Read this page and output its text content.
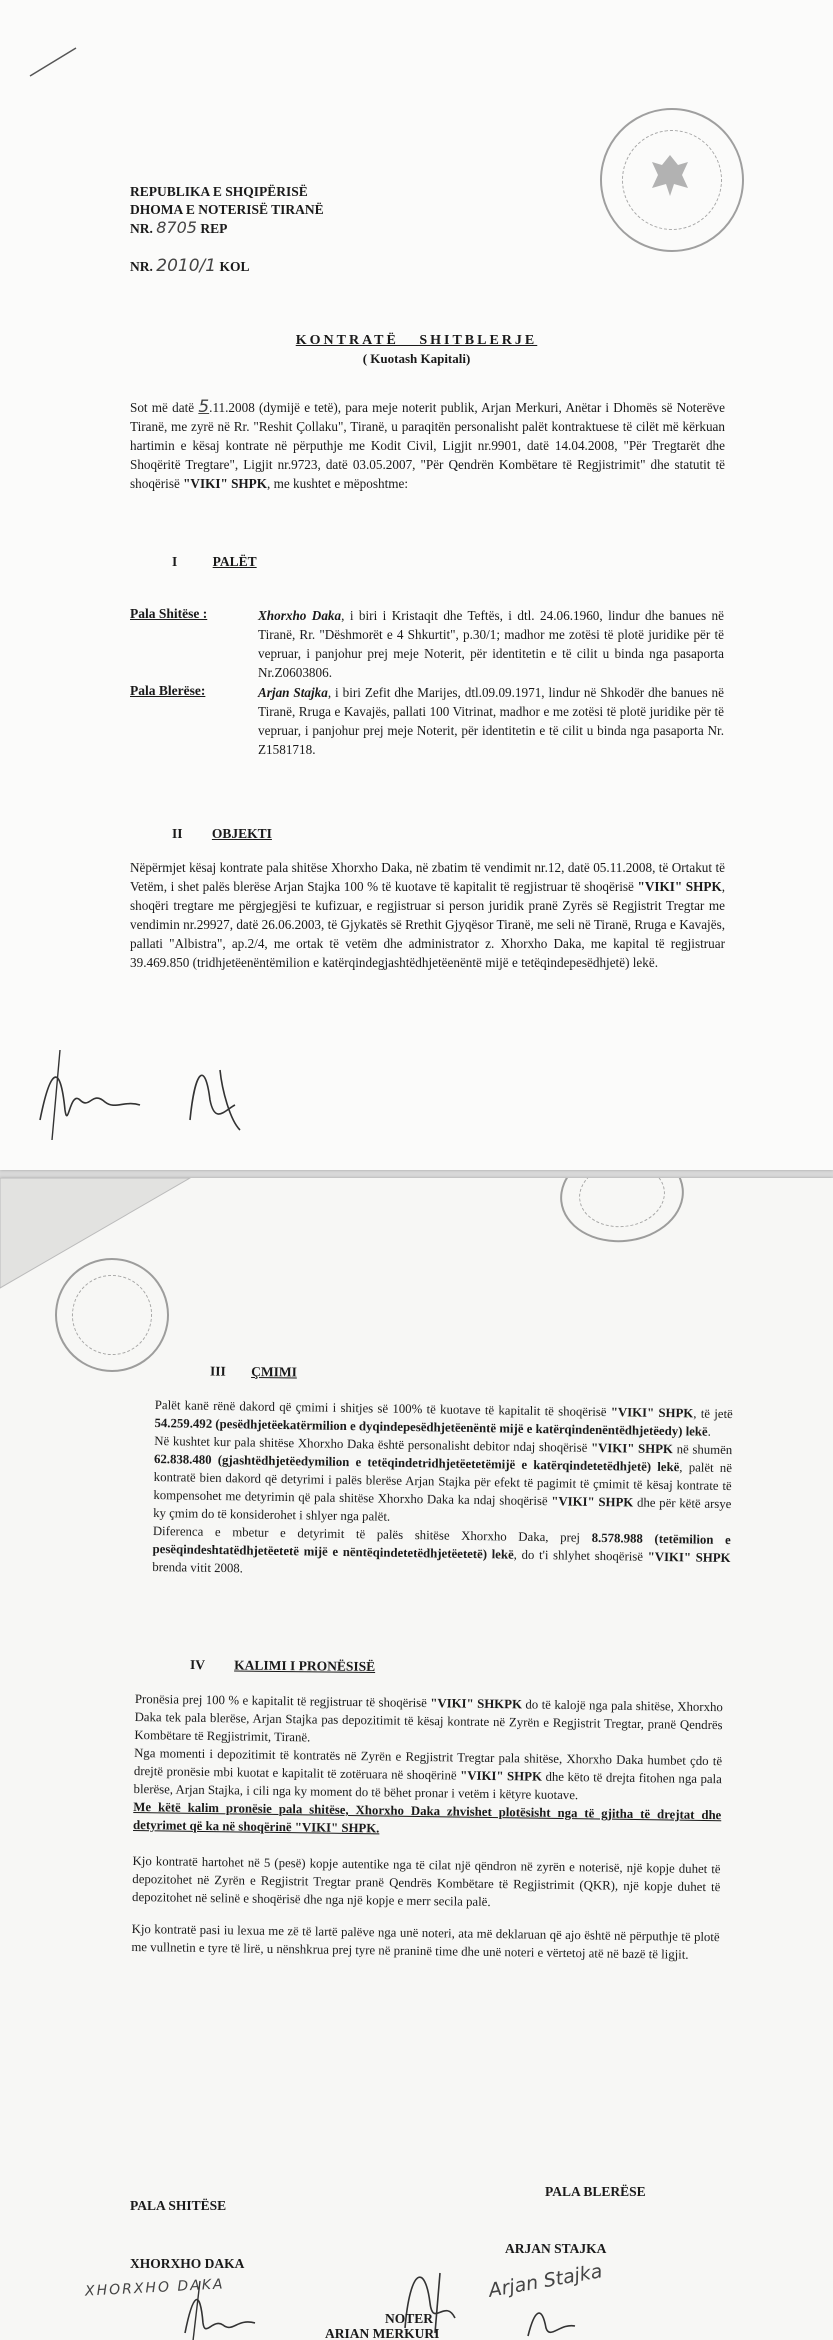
REPUBLIKA E SHQIPËRISË
DHOMA E NOTERISË TIRANË
NR. 8705 REP
NR. 2010/1 KOL
KONTRATË SHITBLERJE
( Kuotash Kapitali)
Sot më datë 5.11.2008 (dymijë e tetë), para meje noterit publik, Arjan Merkuri, Anëtar i Dhomës së Noterëve Tiranë, me zyrë në Rr. "Reshit Çollaku", Tiranë, u paraqitën personalisht palët kontraktuese të cilët më kërkuan hartimin e kësaj kontrate në përputhje me Kodit Civil, Ligjit nr.9901, datë 14.04.2008, "Për Tregtarët dhe Shoqëritë Tregtare", Ligjit nr.9723, datë 03.05.2007, "Për Qendrën Kombëtare të Regjistrimit" dhe statutit të shoqërisë "VIKI" SHPK, me kushtet e mëposhtme:
I	PALËT
Pala Shitëse :	Xhorxho Daka, i biri i Kristaqit dhe Teftës, i dtl. 24.06.1960, lindur dhe banues në Tiranë, Rr. "Dëshmorët e 4 Shkurtit", p.30/1; madhor me zotësi të plotë juridike për të vepruar, i panjohur prej meje Noterit, për identitetin e të cilit u binda nga pasaporta Nr.Z0603806.
Pala Blerëse:	Arjan Stajka, i biri Zefit dhe Marijes, dtl.09.09.1971, lindur në Shkodër dhe banues në Tiranë, Rruga e Kavajës, pallati 100 Vitrinat, madhor e me zotësi të plotë juridike për të vepruar, i panjohur prej meje Noterit, për identitetin e të cilit u binda nga pasaporta Nr. Z1581718.
II OBJEKTI
Nëpërmjet kësaj kontrate pala shitëse Xhorxho Daka, në zbatim të vendimit nr.12, datë 05.11.2008, të Ortakut të Vetëm, i shet palës blerëse Arjan Stajka 100 % të kuotave të kapitalit të regjistruar të shoqërisë "VIKI" SHPK, shoqëri tregtare me përgjegjësi te kufizuar, e regjistruar si person juridik pranë Zyrës së Regjistrit Tregtar me vendimin nr.29927, datë 26.06.2003, të Gjykatës së Rrethit Gjyqësor Tiranë, me seli në Tiranë, Rruga e Kavajës, pallati "Albistra", ap.2/4, me ortak të vetëm dhe administrator z. Xhorxho Daka, me kapital të regjistruar 39.469.850 (tridhjetëenëntëmilion e katërqindegjashtëdhjetëenëntë mijë e tetëqindepesëdhjetë) lekë.
III ÇMIMI
Palët kanë rënë dakord që çmimi i shitjes së 100% të kuotave të kapitalit të shoqërisë "VIKI" SHPK, të jetë 54.259.492 (pesëdhjetëekatërmilion e dyqindepesëdhjetëenëntë mijë e katërqindenëntëdhjetëedy) lekë.
Në kushtet kur pala shitëse Xhorxho Daka është personalisht debitor ndaj shoqërisë "VIKI" SHPK në shumën 62.838.480 (gjashtëdhjetëedymilion e tetëqindetridhjetëetetëmijë e katërqindetetëdhjetë) lekë, palët në kontratë bien dakord që detyrimi i palës blerëse Arjan Stajka për efekt të pagimit të çmimit të kësaj kontrate të kompensohet me detyrimin që pala shitëse Xhorxho Daka ka ndaj shoqërisë "VIKI" SHPK dhe për këtë arsye ky çmim do të konsiderohet i shlyer nga palët.
Diferenca e mbetur e detyrimit të palës shitëse Xhorxho Daka, prej 8.578.988 (tetëmilion e pesëqindeshtatëdhjetëetetë mijë e nëntëqindetetëdhjetëetetë) lekë, do t'i shlyhet shoqërisë "VIKI" SHPK brenda vitit 2008.
IV KALIMI I PRONËSISË
Pronësia prej 100 % e kapitalit të regjistruar të shoqërisë "VIKI" SHKPK do të kalojë nga pala shitëse, Xhorxho Daka tek pala blerëse, Arjan Stajka pas depozitimit të kësaj kontrate në Zyrën e Regjistrit Tregtar, pranë Qendrës Kombëtare të Regjistrimit, Tiranë.
Nga momenti i depozitimit të kontratës në Zyrën e Regjistrit Tregtar pala shitëse, Xhorxho Daka humbet çdo të drejtë pronësie mbi kuotat e kapitalit të zotëruara në shoqërinë "VIKI" SHPK dhe këto të drejta fitohen nga pala blerëse, Arjan Stajka, i cili nga ky moment do të bëhet pronar i vetëm i këtyre kuotave.
Me këtë kalim pronësie pala shitëse, Xhorxho Daka zhvishet plotësisht nga të gjitha të drejtat dhe detyrimet që ka në shoqërinë "VIKI" SHPK.
Kjo kontratë hartohet në 5 (pesë) kopje autentike nga të cilat një qëndron në zyrën e noterisë, një kopje duhet të depozitohet në Zyrën e Regjistrit Tregtar pranë Qendrës Kombëtare të Regjistrimit (QKR), një kopje duhet të depozitohet në selinë e shoqërisë dhe nga një kopje e merr secila palë.
Kjo kontratë pasi iu lexua me zë të lartë palëve nga unë noteri, ata më deklaruan që ajo është në përputhje të plotë me vullnetin e tyre të lirë, u nënshkrua prej tyre në praninë time dhe unë noteri e vërtetoj atë në bazë të ligjit.
PALA SHITËSE
PALA BLERËSE
XHORXHO DAKA
ARJAN STAJKA
XHORXHO DAKA	Arjan Stajka
NOTER
ARIAN MERKURI
